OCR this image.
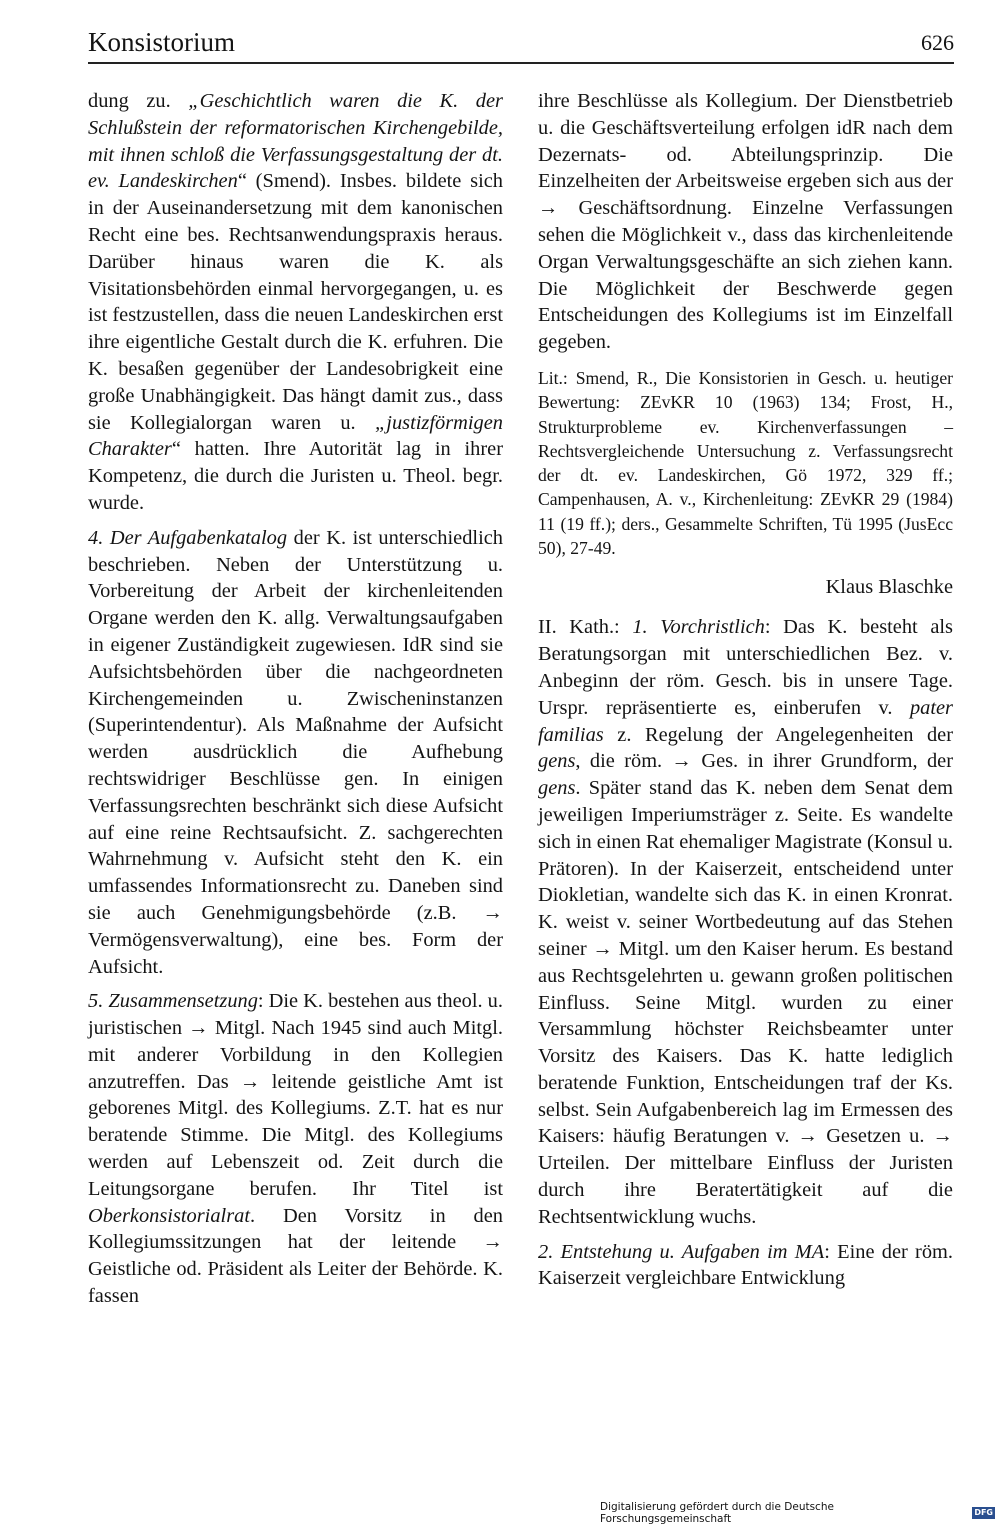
Konsistorium	626

dung zu. „Geschichtlich waren die K. der Schlußstein der reformatorischen Kirchengebilde, mit ihnen schloß die Verfassungsgestaltung der dt. ev. Landeskirchen“ (Smend). Insbes. bildete sich in der Auseinandersetzung mit dem kanonischen Recht eine bes. Rechtsanwendungspraxis heraus. Darüber hinaus waren die K. als Visitationsbehörden einmal hervorgegangen, u. es ist festzustellen, dass die neuen Landeskirchen erst ihre eigentliche Gestalt durch die K. erfuhren. Die K. besaßen gegenüber der Landesobrigkeit eine große Unabhängigkeit. Das hängt damit zus., dass sie Kollegialorgan waren u. „justizförmigen Charakter“ hatten. Ihre Autorität lag in ihrer Kompetenz, die durch die Juristen u. Theol. begr. wurde.

4. Der Aufgabenkatalog der K. ist unterschiedlich beschrieben. Neben der Unterstützung u. Vorbereitung der Arbeit der kirchenleitenden Organe werden den K. allg. Verwaltungsaufgaben in eigener Zuständigkeit zugewiesen. IdR sind sie Aufsichtsbehörden über die nachgeordneten Kirchengemeinden u. Zwischeninstanzen (Superintendentur). Als Maßnahme der Aufsicht werden ausdrücklich die Aufhebung rechtswidriger Beschlüsse gen. In einigen Verfassungsrechten beschränkt sich diese Aufsicht auf eine reine Rechtsaufsicht. Z. sachgerechten Wahrnehmung v. Aufsicht steht den K. ein umfassendes Informationsrecht zu. Daneben sind sie auch Genehmigungsbehörde (z.B. → Vermögensverwaltung), eine bes. Form der Aufsicht.

5. Zusammensetzung: Die K. bestehen aus theol. u. juristischen → Mitgl. Nach 1945 sind auch Mitgl. mit anderer Vorbildung in den Kollegien anzutreffen. Das → leitende geistliche Amt ist geborenes Mitgl. des Kollegiums. Z.T. hat es nur beratende Stimme. Die Mitgl. des Kollegiums werden auf Lebenszeit od. Zeit durch die Leitungsorgane berufen. Ihr Titel ist Oberkonsistorialrat. Den Vorsitz in den Kollegiumssitzungen hat der leitende → Geistliche od. Präsident als Leiter der Behörde. K. fassen

ihre Beschlüsse als Kollegium. Der Dienstbetrieb u. die Geschäftsverteilung erfolgen idR nach dem Dezernats- od. Abteilungsprinzip. Die Einzelheiten der Arbeitsweise ergeben sich aus der → Geschäftsordnung. Einzelne Verfassungen sehen die Möglichkeit v., dass das kirchenleitende Organ Verwaltungsgeschäfte an sich ziehen kann. Die Möglichkeit der Beschwerde gegen Entscheidungen des Kollegiums ist im Einzelfall gegeben.

Lit.: Smend, R., Die Konsistorien in Gesch. u. heutiger Bewertung: ZEvKR 10 (1963) 134; Frost, H., Strukturprobleme ev. Kirchenverfassungen – Rechtsvergleichende Untersuchung z. Verfassungsrecht der dt. ev. Landeskirchen, Gö 1972, 329 ff.; Campenhausen, A. v., Kirchenleitung: ZEvKR 29 (1984) 11 (19 ff.); ders., Gesammelte Schriften, Tü 1995 (JusEcc 50), 27-49.

Klaus Blaschke

II. Kath.: 1. Vorchristlich: Das K. besteht als Beratungsorgan mit unterschiedlichen Bez. v. Anbeginn der röm. Gesch. bis in unsere Tage. Urspr. repräsentierte es, einberufen v. pater familias z. Regelung der Angelegenheiten der gens, die röm. → Ges. in ihrer Grundform, der gens. Später stand das K. neben dem Senat dem jeweiligen Imperiumsträger z. Seite. Es wandelte sich in einen Rat ehemaliger Magistrate (Konsul u. Prätoren). In der Kaiserzeit, entscheidend unter Diokletian, wandelte sich das K. in einen Kronrat. K. weist v. seiner Wortbedeutung auf das Stehen seiner → Mitgl. um den Kaiser herum. Es bestand aus Rechtsgelehrten u. gewann großen politischen Einfluss. Seine Mitgl. wurden zu einer Versammlung höchster Reichsbeamter unter Vorsitz des Kaisers. Das K. hatte lediglich beratende Funktion, Entscheidungen traf der Ks. selbst. Sein Aufgabenbereich lag im Ermessen des Kaisers: häufig Beratungen v. → Gesetzen u. → Urteilen. Der mittelbare Einfluss der Juristen durch ihre Beratertätigkeit auf die Rechtsentwicklung wuchs.

2. Entstehung u. Aufgaben im MA: Eine der röm. Kaiserzeit vergleichbare Entwicklung

Digitalisierung gefördert durch die Deutsche Forschungsgemeinschaft
DFG
